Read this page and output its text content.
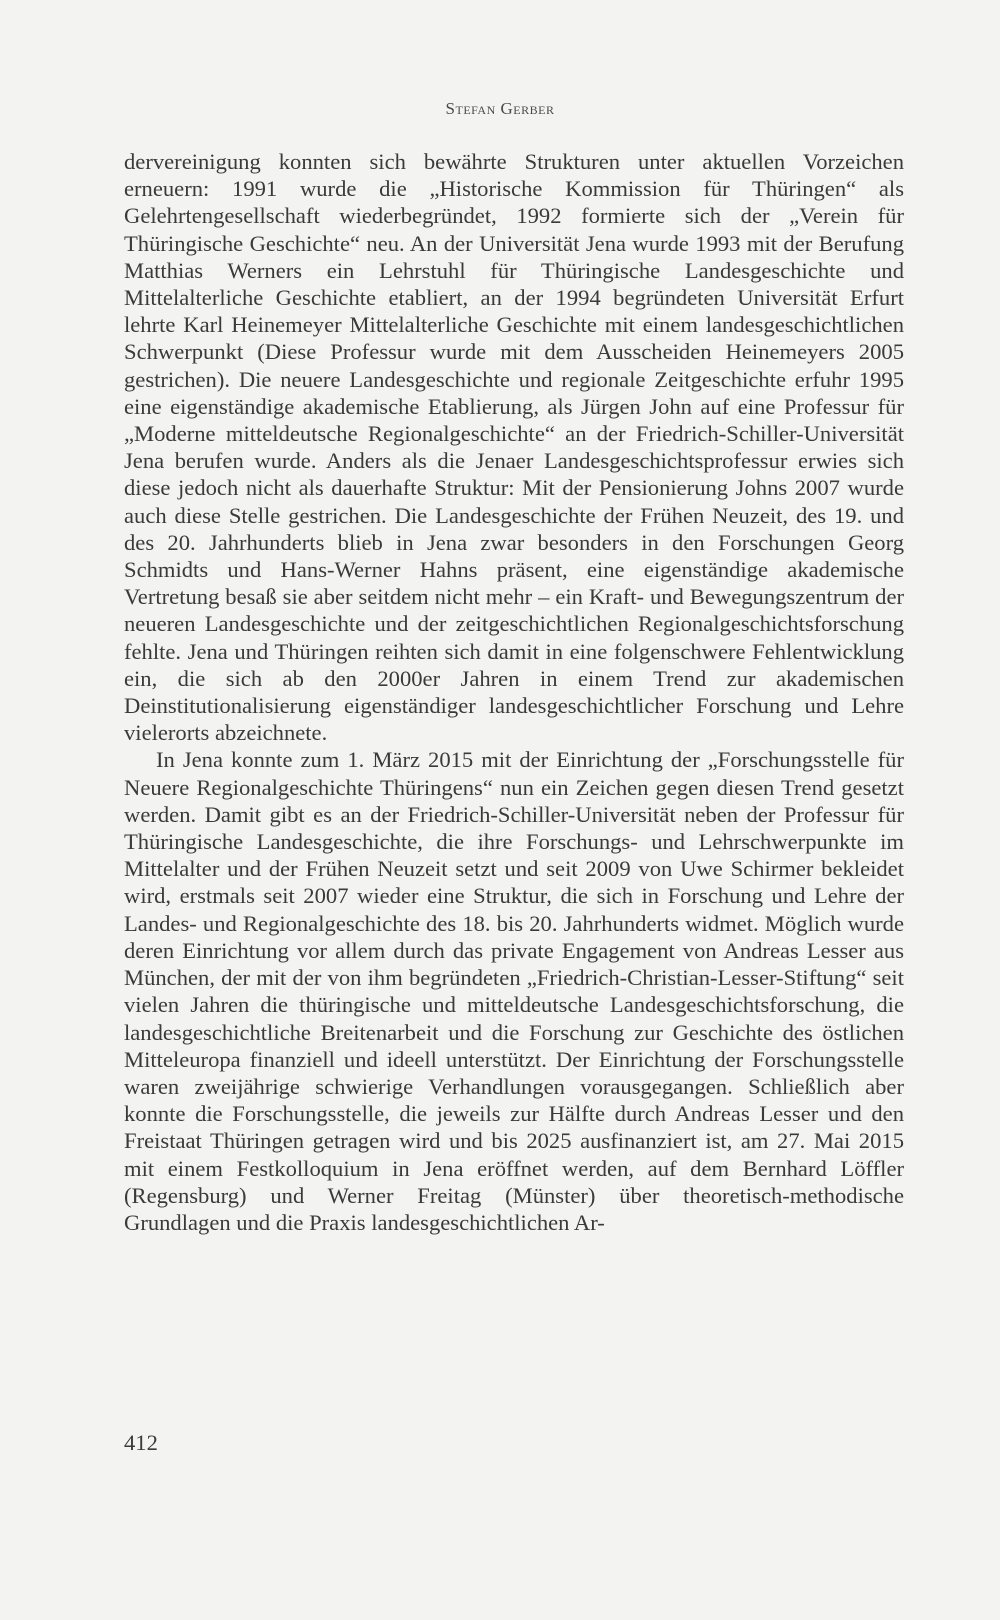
Stefan Gerber

dervereinigung konnten sich bewährte Strukturen unter aktuellen Vorzeichen erneuern: 1991 wurde die „Historische Kommission für Thüringen“ als Gelehrtengesellschaft wiederbegründet, 1992 formierte sich der „Verein für Thüringische Geschichte“ neu. An der Universität Jena wurde 1993 mit der Berufung Matthias Werners ein Lehrstuhl für Thüringische Landesgeschichte und Mittelalterliche Geschichte etabliert, an der 1994 begründeten Universität Erfurt lehrte Karl Heinemeyer Mittelalterliche Geschichte mit einem landesgeschichtlichen Schwerpunkt (Diese Professur wurde mit dem Ausscheiden Heinemeyers 2005 gestrichen). Die neuere Landesgeschichte und regionale Zeitgeschichte erfuhr 1995 eine eigenständige akademische Etablierung, als Jürgen John auf eine Professur für „Moderne mitteldeutsche Regionalgeschichte“ an der Friedrich-Schiller-Universität Jena berufen wurde. Anders als die Jenaer Landesgeschichtsprofessur erwies sich diese jedoch nicht als dauerhafte Struktur: Mit der Pensionierung Johns 2007 wurde auch diese Stelle gestrichen. Die Landesgeschichte der Frühen Neuzeit, des 19. und des 20. Jahrhunderts blieb in Jena zwar besonders in den Forschungen Georg Schmidts und Hans-Werner Hahns präsent, eine eigenständige akademische Vertretung besaß sie aber seitdem nicht mehr – ein Kraft- und Bewegungszentrum der neueren Landesgeschichte und der zeitgeschichtlichen Regionalgeschichtsforschung fehlte. Jena und Thüringen reihten sich damit in eine folgenschwere Fehlentwicklung ein, die sich ab den 2000er Jahren in einem Trend zur akademischen Deinstitutionalisierung eigenständiger landesgeschichtlicher Forschung und Lehre vielerorts abzeichnete.

In Jena konnte zum 1. März 2015 mit der Einrichtung der „Forschungsstelle für Neuere Regionalgeschichte Thüringens“ nun ein Zeichen gegen diesen Trend gesetzt werden. Damit gibt es an der Friedrich-Schiller-Universität neben der Professur für Thüringische Landesgeschichte, die ihre Forschungs- und Lehrschwerpunkte im Mittelalter und der Frühen Neuzeit setzt und seit 2009 von Uwe Schirmer bekleidet wird, erstmals seit 2007 wieder eine Struktur, die sich in Forschung und Lehre der Landes- und Regionalgeschichte des 18. bis 20. Jahrhunderts widmet. Möglich wurde deren Einrichtung vor allem durch das private Engagement von Andreas Lesser aus München, der mit der von ihm begründeten „Friedrich-Christian-Lesser-Stiftung“ seit vielen Jahren die thüringische und mitteldeutsche Landesgeschichtsforschung, die landesgeschichtliche Breitenarbeit und die Forschung zur Geschichte des östlichen Mitteleuropa finanziell und ideell unterstützt. Der Einrichtung der Forschungsstelle waren zweijährige schwierige Verhandlungen vorausgegangen. Schließlich aber konnte die Forschungsstelle, die jeweils zur Hälfte durch Andreas Lesser und den Freistaat Thüringen getragen wird und bis 2025 ausfinanziert ist, am 27. Mai 2015 mit einem Festkolloquium in Jena eröffnet werden, auf dem Bernhard Löffler (Regensburg) und Werner Freitag (Münster) über theoretisch-methodische Grundlagen und die Praxis landesgeschichtlichen Ar-

412
